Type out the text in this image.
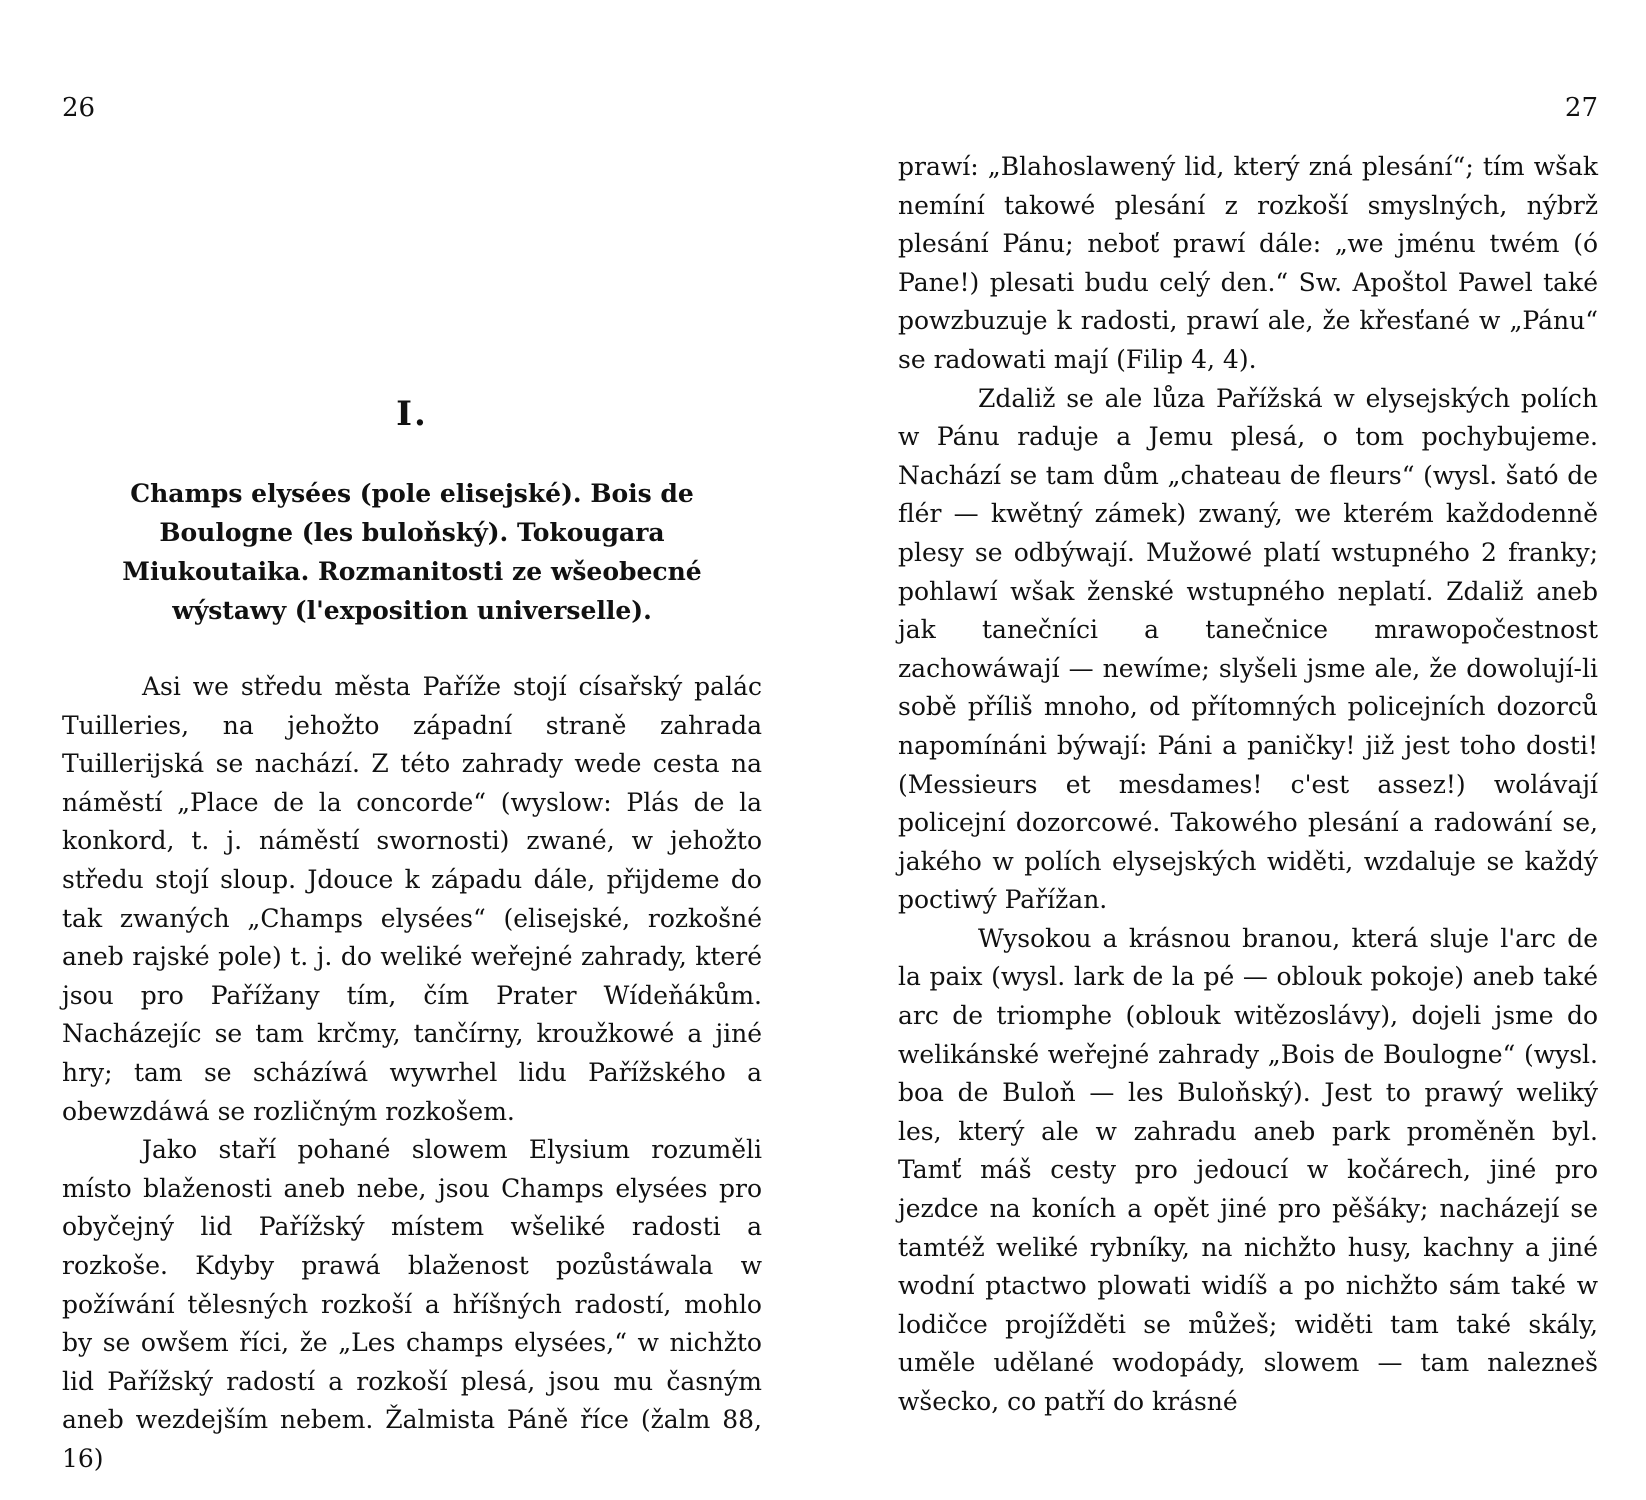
26

I.
Champs elysées (pole elisejské). Bois de Boulogne (les buloňský). Tokougara Miukoutaika. Rozmanitosti ze wšeobecné wýstawy (l'exposition universelle).

Asi we středu města Paříže stojí císařský palác Tuilleries, na jehožto západní straně zahrada Tuillerijská se nachází. Z této zahrady wede cesta na náměstí „Place de la concorde“ (wyslow: Plás de la konkord, t. j. náměstí swornosti) zwané, w jehožto středu stojí sloup. Jdouce k západu dále, přijdeme do tak zwaných „Champs elysées“ (elisejské, rozkošné aneb rajské pole) t. j. do weliké weřejné zahrady, které jsou pro Pařížany tím, čím Prater Wídeňákům. Nacházejíc se tam krčmy, tančírny, kroužkowé a jiné hry; tam se scházíwá wywrhel lidu Pařížského a obewzdáwá se rozličným rozkošem.

Jako staří pohané slowem Elysium rozuměli místo blaženosti aneb nebe, jsou Champs elysées pro obyčejný lid Pařížský místem wšeliké radosti a rozkoše. Kdyby prawá blaženost pozůstáwala w požíwání tělesných rozkoší a hříšných radostí, mohlo by se owšem říci, že „Les champs elysées,“ w nichžto lid Pařížský radostí a rozkoší plesá, jsou mu časným aneb wezdejším nebem. Žalmista Páně říce (žalm 88, 16)

27

prawí: „Blahoslawený lid, který zná plesání“; tím wšak nemíní takowé plesání z rozkoší smyslných, nýbrž plesání Pánu; neboť prawí dále: „we jménu twém (ó Pane!) plesati budu celý den.“ Sw. Apoštol Pawel také powzbuzuje k radosti, prawí ale, že křesťané w „Pánu“ se radowati mají (Filip 4, 4).

Zdaliž se ale lůza Pařížská w elysejských polích w Pánu raduje a Jemu plesá, o tom pochybujeme. Nachází se tam dům „chateau de fleurs“ (wysl. šató de flér — kwětný zámek) zwaný, we kterém každodenně plesy se odbýwají. Mužowé platí wstupného 2 franky; pohlawí wšak ženské wstupného neplatí. Zdaliž aneb jak tanečníci a tanečnice mrawopočestnost zachowáwají — newíme; slyšeli jsme ale, že dowolují-li sobě příliš mnoho, od přítomných policejních dozorců napomínáni býwají: Páni a paničky! již jest toho dosti! (Messieurs et mesdames! c'est assez!) wolávají policejní dozorcowé. Takowého plesání a radowání se, jakého w polích elysejských widěti, wzdaluje se každý poctiwý Pařížan.

Wysokou a krásnou branou, která sluje l'arc de la paix (wysl. lark de la pé — oblouk pokoje) aneb také arc de triomphe (oblouk witězoslávy), dojeli jsme do welikánské weřejné zahrady „Bois de Boulogne“ (wysl. boa de Buloň — les Buloňský). Jest to prawý weliký les, který ale w zahradu aneb park proměněn byl. Tamť máš cesty pro jedoucí w kočárech, jiné pro jezdce na koních a opět jiné pro pěšáky; nacházejí se tamtéž weliké rybníky, na nichžto husy, kachny a jiné wodní ptactwo plowati widíš a po nichžto sám také w lodičce projížděti se můžeš; widěti tam také skály, uměle udělané wodopády, slowem — tam nalezneš wšecko, co patří do krásné
